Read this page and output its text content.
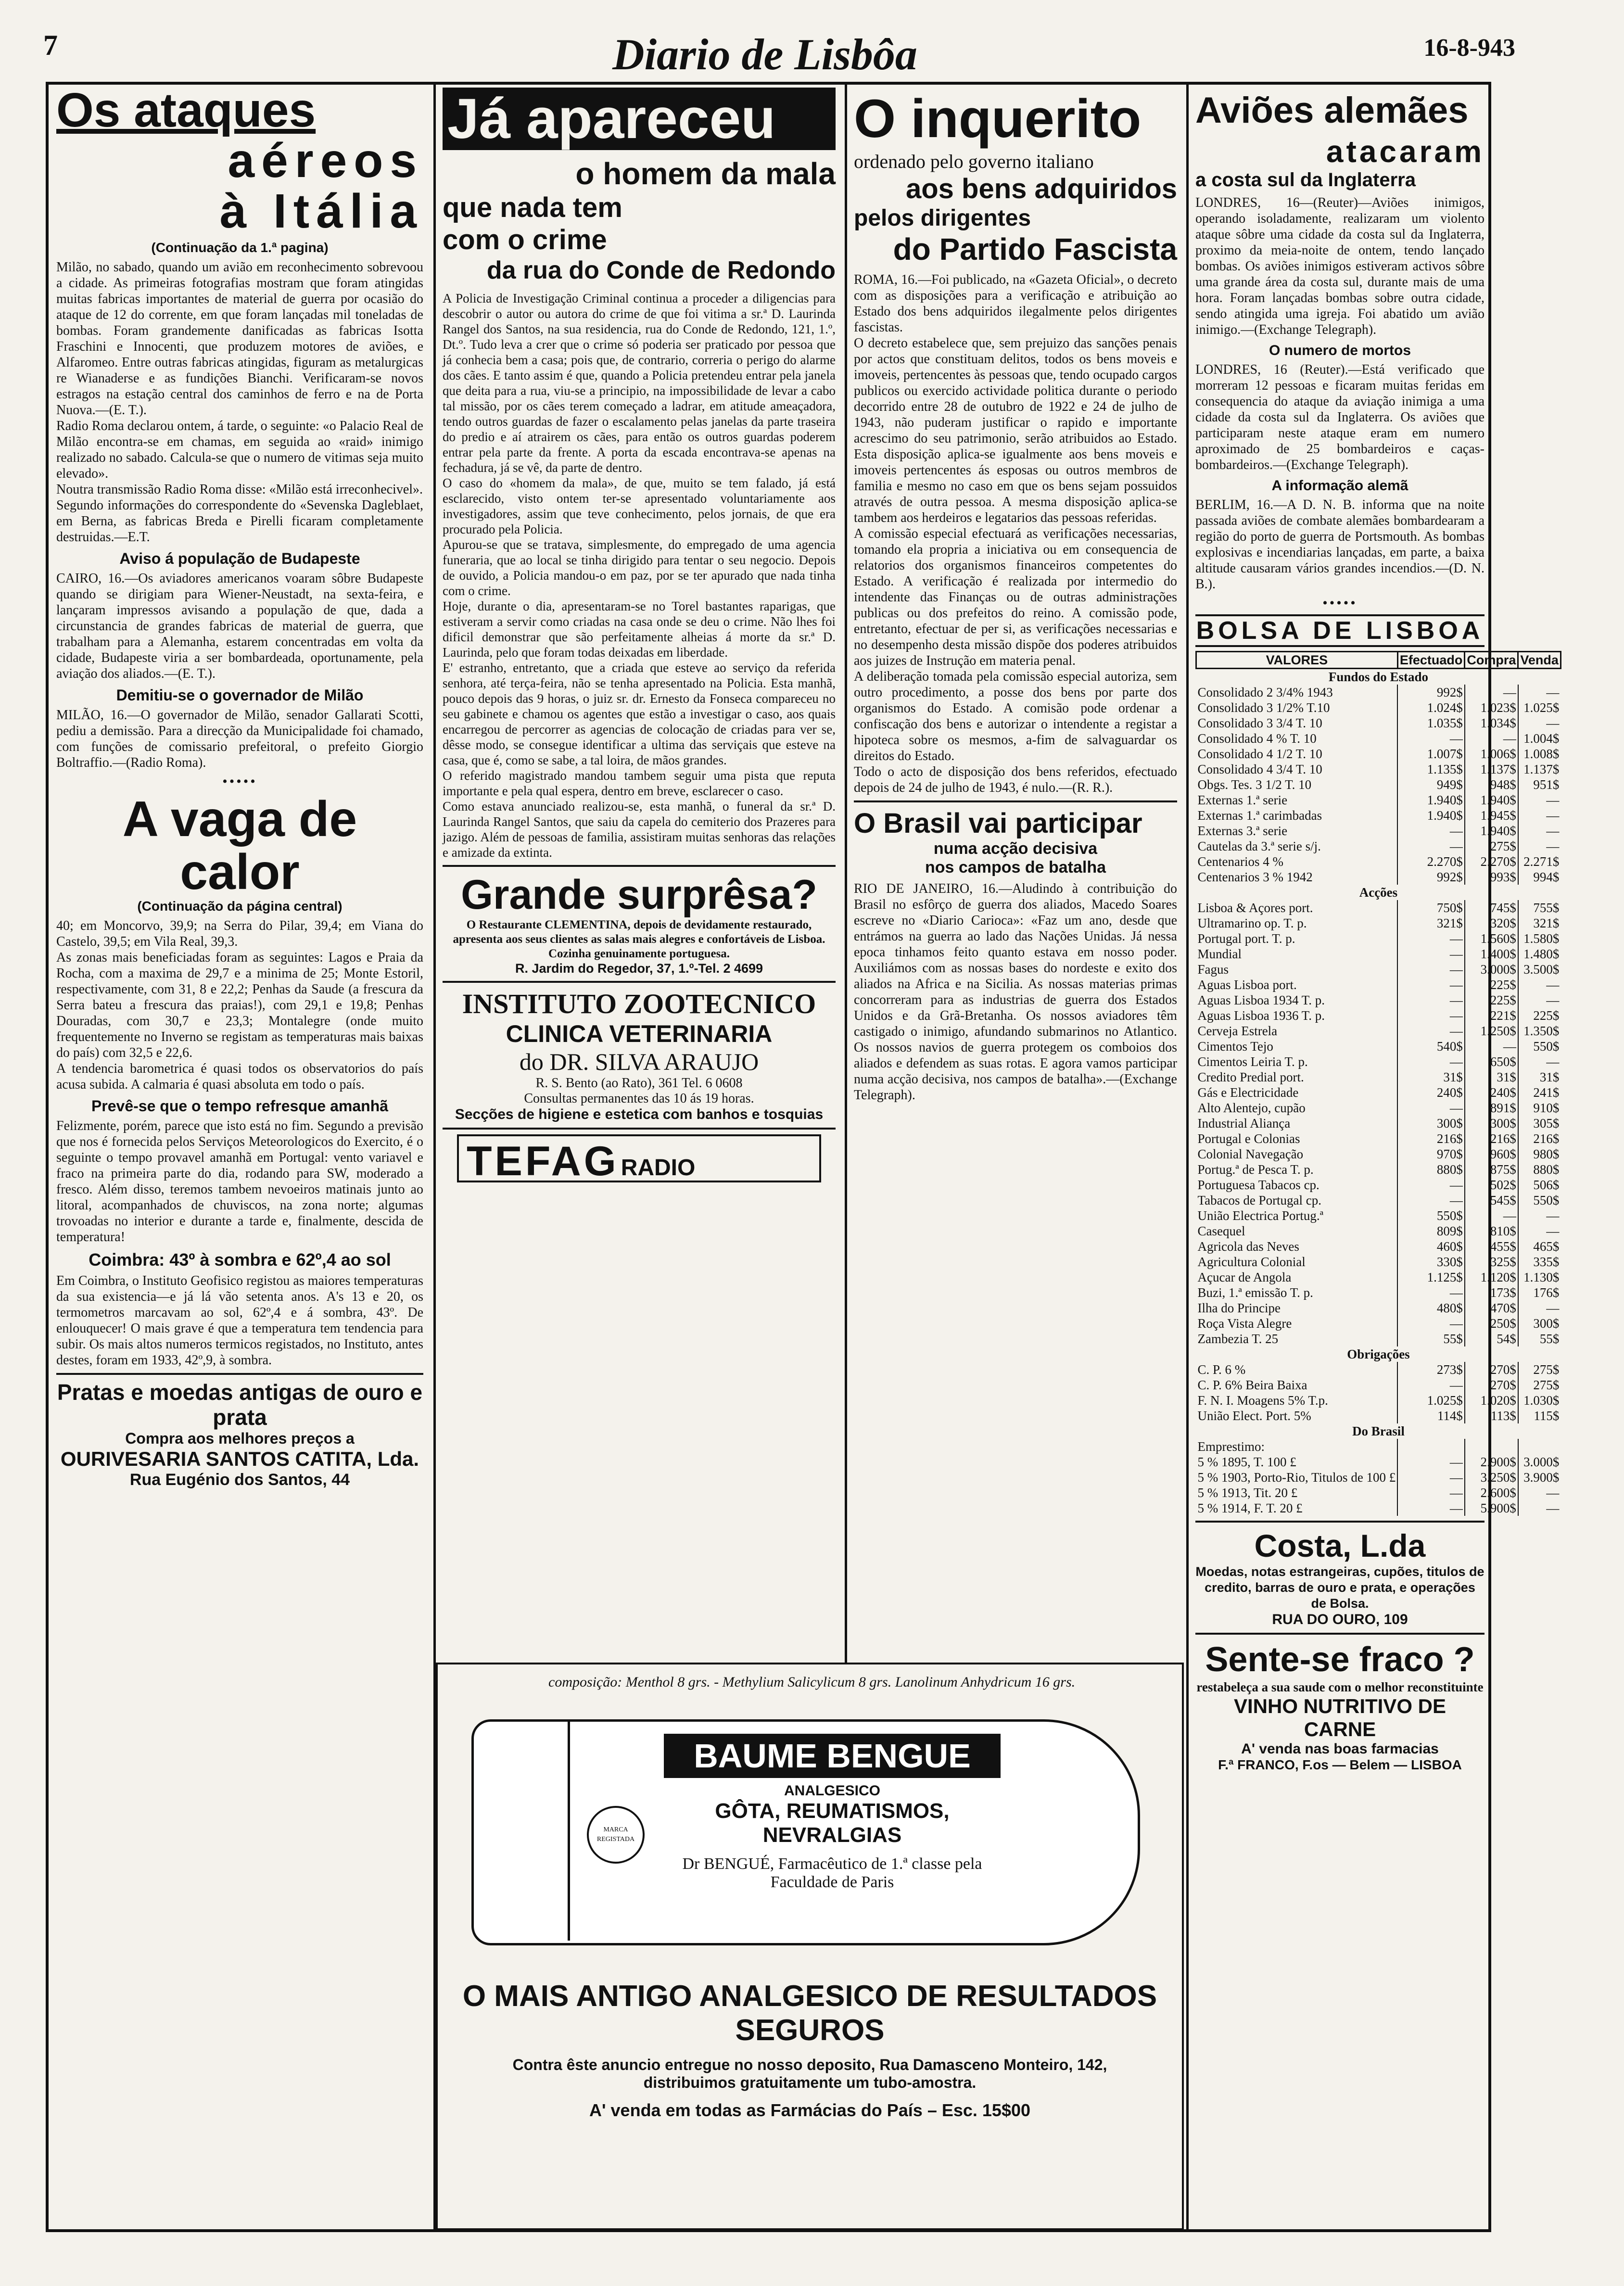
7	Diario de Lisbôa	16-8-943
Os ataques
aéreos
à Itália
(Continuação da 1.ª pagina)

Milão, no sabado, quando um avião em reconhecimento sobrevoou a cidade. As primeiras fotografias mostram que foram atingidas muitas fabricas importantes de material de guerra por ocasião do ataque de 12 do corrente, em que foram lançadas mil toneladas de bombas. Foram grandemente danificadas as fabricas Isotta Fraschini e Innocenti, que produzem motores de aviões, e Alfaromeo. Entre outras fabricas atingidas, figuram as metalurgicas re Wianaderse e as fundições Bianchi. Verificaram-se novos estragos na estação central dos caminhos de ferro e na de Porta Nuova.—(E. T.).

Radio Roma declarou ontem, á tarde, o seguinte: «o Palacio Real de Milão encontra-se em chamas, em seguida ao «raid» inimigo realizado no sabado. Calcula-se que o numero de vitimas seja muito elevado».

Noutra transmissão Radio Roma disse: «Milão está irreconhecivel».

Segundo informações do correspondente do «Sevenska Dagleblaet, em Berna, as fabricas Breda e Pirelli ficaram completamente destruidas.—E.T.

Aviso á população de Budapeste

CAIRO, 16.—Os aviadores americanos voaram sôbre Budapeste quando se dirigiam para Wiener-Neustadt, na sexta-feira, e lançaram impressos avisando a população de que, dada a circunstancia de grandes fabricas de material de guerra, que trabalham para a Alemanha, estarem concentradas em volta da cidade, Budapeste viria a ser bombardeada, oportunamente, pela aviação dos aliados.—(E. T.).

Demitiu-se o governador de Milão

MILÃO, 16.—O governador de Milão, senador Gallarati Scotti, pediu a demissão. Para a direcção da Municipalidade foi chamado, com funções de comissario prefeitoral, o prefeito Giorgio Boltraffio.—(Radio Roma).

•••••
A vaga de calor
(Continuação da página central)

40; em Moncorvo, 39,9; na Serra do Pilar, 39,4; em Viana do Castelo, 39,5; em Vila Real, 39,3.

As zonas mais beneficiadas foram as seguintes: Lagos e Praia da Rocha, com a maxima de 29,7 e a minima de 25; Monte Estoril, respectivamente, com 31, 8 e 22,2; Penhas da Saude (a frescura da Serra bateu a frescura das praias!), com 29,1 e 19,8; Penhas Douradas, com 30,7 e 23,3; Montalegre (onde muito frequentemente no Inverno se registam as temperaturas mais baixas do país) com 32,5 e 22,6.

A tendencia barometrica é quasi todos os observatorios do país acusa subida. A calmaria é quasi absoluta em todo o país.

Prevê-se que o tempo refresque amanhã

Felizmente, porém, parece que isto está no fim. Segundo a previsão que nos é fornecida pelos Serviços Meteorologicos do Exercito, é o seguinte o tempo provavel amanhã em Portugal: vento variavel e fraco na primeira parte do dia, rodando para SW, moderado a fresco. Além disso, teremos tambem nevoeiros matinais junto ao litoral, acompanhados de chuviscos, na zona norte; algumas trovoadas no interior e durante a tarde e, finalmente, descida de temperatura!

Coimbra: 43º à sombra e 62º,4 ao sol

Em Coimbra, o Instituto Geofisico registou as maiores temperaturas da sua existencia—e já lá vão setenta anos. A's 13 e 20, os termometros marcavam ao sol, 62º,4 e á sombra, 43º. De enlouquecer! O mais grave é que a temperatura tem tendencia para subir. Os mais altos numeros termicos registados, no Instituto, antes destes, foram em 1933, 42º,9, à sombra.

Pratas e moedas antigas de ouro e prata
Compra aos melhores preços a
OURIVESARIA SANTOS CATITA, Lda.
Rua Eugénio dos Santos, 44
Já apareceu
o homem da mala
que nada tem
com o crime
da rua do Conde de Redondo

A Policia de Investigação Criminal continua a proceder a diligencias para descobrir o autor ou autora do crime de que foi vitima a sr.ª D. Laurinda Rangel dos Santos, na sua residencia, rua do Conde de Redondo, 121, 1.º, Dt.º. Tudo leva a crer que o crime só poderia ser praticado por pessoa que já conhecia bem a casa; pois que, de contrario, correria o perigo do alarme dos cães. E tanto assim é que, quando a Policia pretendeu entrar pela janela que deita para a rua, viu-se a principio, na impossibilidade de levar a cabo tal missão, por os cães terem começado a ladrar, em atitude ameaçadora, tendo outros guardas de fazer o escalamento pelas janelas da parte traseira do predio e aí atrairem os cães, para então os outros guardas poderem entrar pela parte da frente. A porta da escada encontrava-se apenas na fechadura, já se vê, da parte de dentro.

O caso do «homem da mala», de que, muito se tem falado, já está esclarecido, visto ontem ter-se apresentado voluntariamente aos investigadores, assim que teve conhecimento, pelos jornais, de que era procurado pela Policia.

Apurou-se que se tratava, simplesmente, do empregado de uma agencia funeraria, que ao local se tinha dirigido para tentar o seu negocio. Depois de ouvido, a Policia mandou-o em paz, por se ter apurado que nada tinha com o crime.

Hoje, durante o dia, apresentaram-se no Torel bastantes raparigas, que estiveram a servir como criadas na casa onde se deu o crime. Não lhes foi dificil demonstrar que são perfeitamente alheias á morte da sr.ª D. Laurinda, pelo que foram todas deixadas em liberdade.

E' estranho, entretanto, que a criada que esteve ao serviço da referida senhora, até terça-feira, não se tenha apresentado na Policia. Esta manhã, pouco depois das 9 horas, o juiz sr. dr. Ernesto da Fonseca compareceu no seu gabinete e chamou os agentes que estão a investigar o caso, aos quais encarregou de percorrer as agencias de colocação de criadas para ver se, dêsse modo, se consegue identificar a ultima das serviçais que esteve na casa, que é, como se sabe, a tal loira, de mãos grandes.

O referido magistrado mandou tambem seguir uma pista que reputa importante e pela qual espera, dentro em breve, esclarecer o caso.

Como estava anunciado realizou-se, esta manhã, o funeral da sr.ª D. Laurinda Rangel Santos, que saiu da capela do cemiterio dos Prazeres para jazigo. Além de pessoas de familia, assistiram muitas senhoras das relações e amizade da extinta.

Grande surprêsa?

O Restaurante CLEMENTINA, depois de devidamente restaurado, apresenta aos seus clientes as salas mais alegres e confortáveis de Lisboa. Cozinha genuinamente portuguesa.

R. Jardim do Regedor, 37, 1.º-Tel. 2 4699
INSTITUTO ZOOTECNICO
CLINICA VETERINARIA
do DR. SILVA ARAUJO
R. S. Bento (ao Rato), 361 Tel. 6 0608
Consultas permanentes das 10 ás 19 horas.
Secções de higiene e estetica com banhos e tosquias
TEFAG RADIO
O inquerito
ordenado pelo governo italiano
aos bens adquiridos
pelos dirigentes
do Partido Fascista

ROMA, 16.—Foi publicado, na «Gazeta Oficial», o decreto com as disposições para a verificação e atribuição ao Estado dos bens adquiridos ilegalmente pelos dirigentes fascistas.

O decreto estabelece que, sem prejuizo das sanções penais por actos que constituam delitos, todos os bens moveis e imoveis, pertencentes às pessoas que, tendo ocupado cargos publicos ou exercido actividade politica durante o periodo decorrido entre 28 de outubro de 1922 e 24 de julho de 1943, não puderam justificar o rapido e importante acrescimo do seu patrimonio, serão atribuidos ao Estado. Esta disposição aplica-se igualmente aos bens moveis e imoveis pertencentes ás esposas ou outros membros de familia e mesmo no caso em que os bens sejam possuidos através de outra pessoa. A mesma disposição aplica-se tambem aos herdeiros e legatarios das pessoas referidas.

A comissão especial efectuará as verificações necessarias, tomando ela propria a iniciativa ou em consequencia de relatorios dos organismos financeiros competentes do Estado. A verificação é realizada por intermedio do intendente das Finanças ou de outras administrações publicas ou dos prefeitos do reino. A comissão pode, entretanto, efectuar de per si, as verificações necessarias e no desempenho desta missão dispõe dos poderes atribuidos aos juizes de Instrução em materia penal.

A deliberação tomada pela comissão especial autoriza, sem outro procedimento, a posse dos bens por parte dos organismos do Estado. A comisão pode ordenar a confiscação dos bens e autorizar o intendente a registar a hipoteca sobre os mesmos, a-fim de salvaguardar os direitos do Estado.

Todo o acto de disposição dos bens referidos, efectuado depois de 24 de julho de 1943, é nulo.—(R. R.).

O Brasil vai participar
numa acção decisiva
nos campos de batalha

RIO DE JANEIRO, 16.—Aludindo à contribuição do Brasil no esfôrço de guerra dos aliados, Macedo Soares escreve no «Diario Carioca»: «Faz um ano, desde que entrámos na guerra ao lado das Nações Unidas. Já nessa epoca tinhamos feito quanto estava em nosso poder. Auxiliámos com as nossas bases do nordeste e exito dos aliados na Africa e na Sicilia. As nossas materias primas concorreram para as industrias de guerra dos Estados Unidos e da Grã-Bretanha. Os nossos aviadores têm castigado o inimigo, afundando submarinos no Atlantico. Os nossos navios de guerra protegem os comboios dos aliados e defendem as suas rotas. E agora vamos participar numa acção decisiva, nos campos de batalha».—(Exchange Telegraph).

Aviões alemães
atacaram
a costa sul da Inglaterra

LONDRES, 16—(Reuter)—Aviões inimigos, operando isoladamente, realizaram um violento ataque sôbre uma cidade da costa sul da Inglaterra, proximo da meia-noite de ontem, tendo lançado bombas. Os aviões inimigos estiveram activos sôbre uma grande área da costa sul, durante mais de uma hora. Foram lançadas bombas sobre outra cidade, sendo atingida uma igreja. Foi abatido um avião inimigo.—(Exchange Telegraph).

O numero de mortos

LONDRES, 16 (Reuter).—Está verificado que morreram 12 pessoas e ficaram muitas feridas em consequencia do ataque da aviação inimiga a uma cidade da costa sul da Inglaterra. Os aviões que participaram neste ataque eram em numero aproximado de 25 bombardeiros e caças-bombardeiros.—(Exchange Telegraph).

A informação alemã

BERLIM, 16.—A D. N. B. informa que na noite passada aviões de combate alemães bombardearam a região do porto de guerra de Portsmouth. As bombas explosivas e incendiarias lançadas, em parte, a baixa altitude causaram vários grandes incendios.—(D. N. B.).

•••••
BOLSA DE LISBOA
VALORES	Efectuado	Compra	Venda
Fundos do Estado			
Consolidado 2 3/4% 1943	992$	—	—
Consolidado 3 1/2% T.10	1.024$	1.023$	1.025$
Consolidado 3 3/4 T. 10	1.035$	1.034$	—
Consolidado 4 % T. 10	—	—	1.004$
Consolidado 4 1/2 T. 10	1.007$	1.006$	1.008$
Consolidado 4 3/4 T. 10	1.135$	1.137$	1.137$
Obgs. Tes. 3 1/2 T. 10	949$	948$	951$
Externas 1.ª serie	1.940$	1.940$	—
Externas 1.ª carimbadas	1.940$	1.945$	—
Externas 3.ª serie	—	1.940$	—
Cautelas da 3.ª serie s/j.	—	275$	—
Centenarios 4 %	2.270$	2.270$	2.271$
Centenarios 3 % 1942	992$	993$	994$
Acções			
Lisboa & Açores port.	750$	745$	755$
Ultramarino op. T. p.	321$	320$	321$
Portugal port. T. p.	—	1.560$	1.580$
Mundial	—	1.400$	1.480$
Fagus	—	3.000$	3.500$
Aguas Lisboa port.	—	225$	—
Aguas Lisboa 1934 T. p.	—	225$	—
Aguas Lisboa 1936 T. p.	—	221$	225$
Cerveja Estrela	—	1.250$	1.350$
Cimentos Tejo	540$	—	550$
Cimentos Leiria T. p.	—	650$	—
Credito Predial port.	31$	31$	31$
Gás e Electricidade	240$	240$	241$
Alto Alentejo, cupão	—	891$	910$
Industrial Aliança	300$	300$	305$
Portugal e Colonias	216$	216$	216$
Colonial Navegação	970$	960$	980$
Portug.ª de Pesca T. p.	880$	875$	880$
Portuguesa Tabacos cp.	—	502$	506$
Tabacos de Portugal cp.	—	545$	550$
União Electrica Portug.ª	550$	—	—
Casequel	809$	810$	—
Agricola das Neves	460$	455$	465$
Agricultura Colonial	330$	325$	335$
Açucar de Angola	1.125$	1.120$	1.130$
Buzi, 1.ª emissão T. p.	—	173$	176$
Ilha do Principe	480$	470$	—
Roça Vista Alegre	—	250$	300$
Zambezia T. 25	55$	54$	55$
Obrigações			
C. P. 6 %	273$	270$	275$
C. P. 6% Beira Baixa	—	270$	275$
F. N. I. Moagens 5% T.p.	1.025$	1.020$	1.030$
União Elect. Port. 5%	114$	113$	115$
Do Brasil			
Emprestimo:			
5 % 1895, T. 100 £	—	2.900$	3.000$
5 % 1903, Porto-Rio, Titulos de 100 £	—	3.250$	3.900$
5 % 1913, Tit. 20 £	—	2.600$	—
5 % 1914, F. T. 20 £	—	5.900$	—
Costa, L.da

Moedas, notas estrangeiras, cupões, titulos de credito, barras de ouro e prata, e operações de Bolsa.

RUA DO OURO, 109
Sente-se fraco ?
restabeleça a sua saude com o melhor reconstituinte
VINHO NUTRITIVO DE CARNE
A' venda nas boas farmacias
F.ª FRANCO, F.os — Belem — LISBOA
composição: Menthol 8 grs. - Methylium Salicylicum 8 grs. Lanolinum Anhydricum 16 grs.
BAUME BENGUE
ANALGESICO
GÔTA, REUMATISMOS,
NEVRALGIAS
Dr BENGUÉ, Farmacêutico de 1.ª classe pela Faculdade de Paris
MARCA REGISTADA
O MAIS ANTIGO ANALGESICO DE RESULTADOS SEGUROS

Contra êste anuncio entregue no nosso deposito, Rua Damasceno Monteiro, 142, distribuimos gratuitamente um tubo-amostra.

A' venda em todas as Farmácias do País – Esc. 15$00
